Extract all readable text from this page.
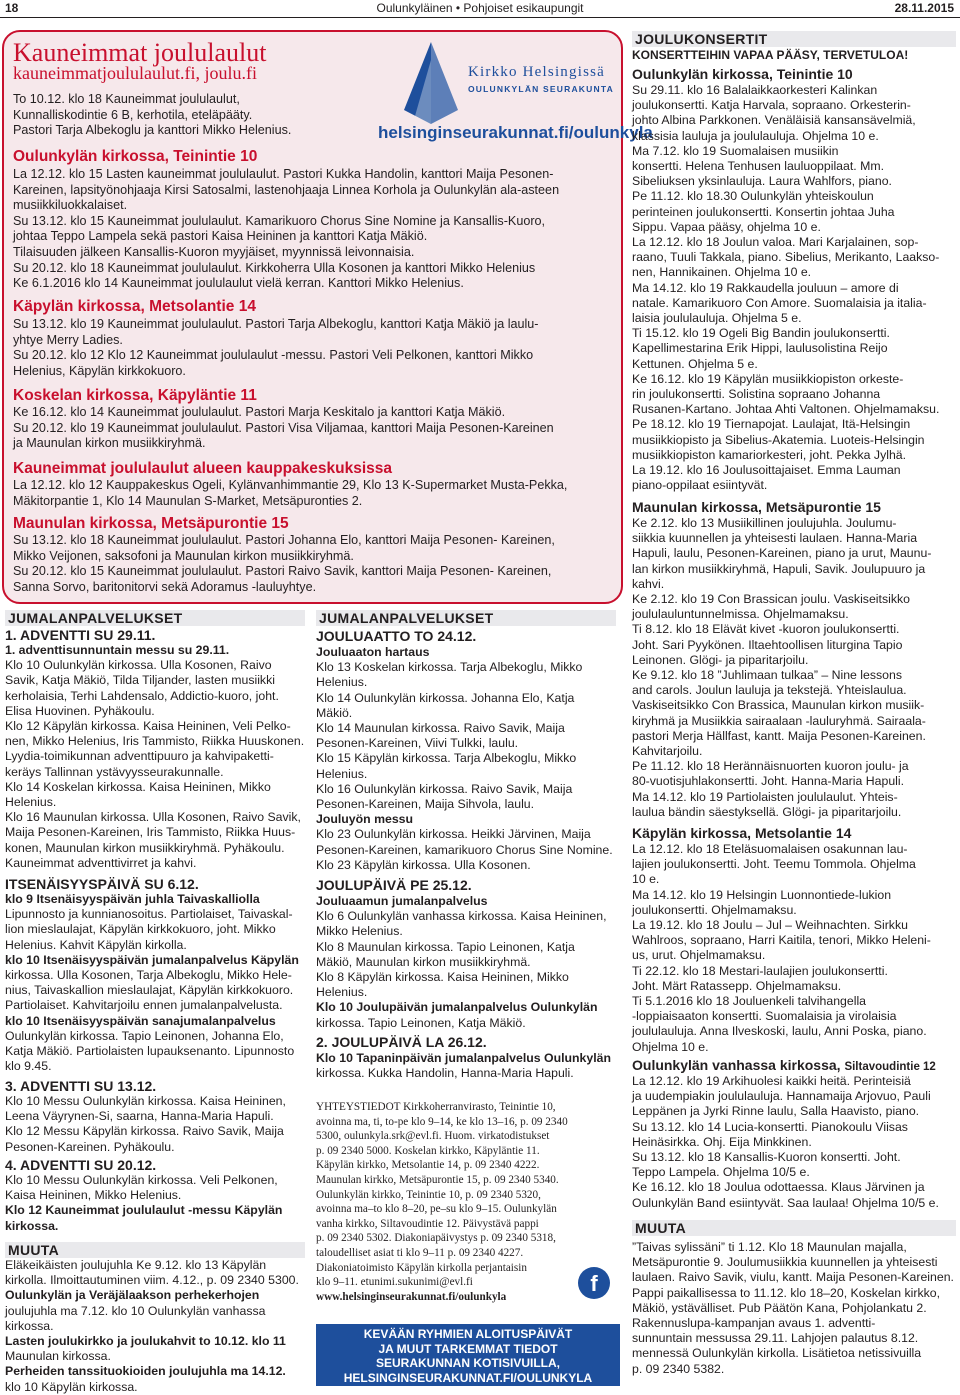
18	Oulunkyläinen • Pohjoiset esikaupungit	28.11.2015
Kauneimmat joululaulut
kauneimmatjoululaulut.fi, joulu.fi
To 10.12. klo 18 Kauneimmat joululaulut,
Kunnalliskodintie 6 B, kerhotila, eteläpääty.
Pastori Tarja Albekoglu ja kanttori Mikko Helenius.
Kirkko Helsingissä
OULUNKYLÄN SEURAKUNTA
helsinginseurakunnat.fi/oulunkyla
Oulunkylän kirkossa, Teinintie 10
La 12.12. klo 15 Lasten kauneimmat joululaulut. Pastori Kukka Handolin, kanttori Maija Pesonen-
Kareinen, lapsityönohjaaja Kirsi Satosalmi, lastenohjaaja Linnea Korhola ja Oulunkylän ala-asteen
musiikkiluokkalaiset.
Su 13.12. klo 15 Kauneimmat joululaulut. Kamarikuoro Chorus Sine Nomine ja Kansallis-Kuoro,
johtaa Teppo Lampela sekä pastori Kaisa Heininen ja kanttori Katja Mäkiö.
Tilaisuuden jälkeen Kansallis-Kuoron myyjäiset, myynnissä leivonnaisia.
Su 20.12. klo 18 Kauneimmat joululaulut. Kirkkoherra Ulla Kosonen ja kanttori Mikko Helenius
Ke 6.1.2016 klo 14 Kauneimmat joululaulut vielä kerran. Kanttori Mikko Helenius.
Käpylän kirkossa, Metsolantie 14
Su 13.12. klo 19 Kauneimmat joululaulut. Pastori Tarja Albekoglu, kanttori Katja Mäkiö ja laulu-
yhtye Merry Ladies.
Su 20.12. klo 12 Klo 12 Kauneimmat joululaulut -messu. Pastori Veli Pelkonen, kanttori Mikko
Helenius, Käpylän kirkkokuoro.
Koskelan kirkossa, Käpyläntie 11
Ke 16.12. klo 14 Kauneimmat joululaulut. Pastori Marja Keskitalo ja kanttori Katja Mäkiö.
Su 20.12. klo 19 Kauneimmat joululaulut. Pastori Visa Viljamaa, kanttori Maija Pesonen-Kareinen
ja Maunulan kirkon musiikkiryhmä.
Kauneimmat joululaulut alueen kauppakeskuksissa
La 12.12. klo 12 Kauppakeskus Ogeli, Kylänvanhimmantie 29, Klo 13 K-Supermarket Musta-Pekka,
Mäkitorpantie 1, Klo 14 Maunulan S-Market, Metsäpuronties 2.
Maunulan kirkossa, Metsäpurontie 15
Su 13.12. klo 18 Kauneimmat joululaulut. Pastori Johanna Elo, kanttori Maija Pesonen- Kareinen,
Mikko Veijonen, saksofoni ja Maunulan kirkon musiikkiryhmä.
Su 20.12. klo 15 Kauneimmat joululaulut. Pastori Raivo Savik, kanttori Maija Pesonen- Kareinen,
Sanna Sorvo, baritonitorvi sekä Adoramus -lauluyhtye.
JUMALANPALVELUKSET
1. ADVENTTI SU 29.11.
1. adventtisunnuntain messu su 29.11.
Klo 10 Oulunkylän kirkossa. Ulla Kosonen, Raivo
Savik, Katja Mäkiö, Tilda Tiljander, lasten musiikki
kerholaisia, Terhi Lahdensalo, Addictio-kuoro, joht.
Elisa Huovinen. Pyhäkoulu.
Klo 12 Käpylän kirkossa. Kaisa Heininen, Veli Pelko-
nen, Mikko Helenius, Iris Tammisto, Riikka Huuskonen.
Lyydia-toimikunnan adventtipuuro ja kahvipaketti-
keräys Tallinnan ystävyysseurakunnalle.
Klo 14 Koskelan kirkossa. Kaisa Heininen, Mikko
Helenius.
Klo 16 Maunulan kirkossa. Ulla Kosonen, Raivo Savik,
Maija Pesonen-Kareinen, Iris Tammisto, Riikka Huus-
konen, Maunulan kirkon musiikkiryhmä. Pyhäkoulu.
Kauneimmat adventtivirret ja kahvi.
ITSENÄISYYSPÄIVÄ SU 6.12.
klo 9 Itsenäisyyspäivän juhla Taivaskalliolla
Lipunnosto ja kunnianosoitus. Partiolaiset, Taivaskal-
lion mieslaulajat, Käpylän kirkkokuoro, joht. Mikko
Helenius. Kahvit Käpylän kirkolla.
klo 10 Itsenäisyyspäivän jumalanpalvelus Käpylän
kirkossa. Ulla Kosonen, Tarja Albekoglu, Mikko Hele-
nius, Taivaskallion mieslaulajat, Käpylän kirkkokuoro.
Partiolaiset. Kahvitarjoilu ennen jumalanpalvelusta.
klo 10 Itsenäisyyspäivän sanajumalanpalvelus
Oulunkylän kirkossa. Tapio Leinonen, Johanna Elo,
Katja Mäkiö. Partiolaisten lupauksenanto. Lipunnosto
klo 9.45.
3. ADVENTTI SU 13.12.
Klo 10 Messu Oulunkylän kirkossa. Kaisa Heininen,
Leena Väyrynen-Si, saarna, Hanna-Maria Hapuli.
Klo 12 Messu Käpylän kirkossa. Raivo Savik, Maija
Pesonen-Kareinen. Pyhäkoulu.
4. ADVENTTI SU 20.12.
Klo 10 Messu Oulunkylän kirkossa. Veli Pelkonen,
Kaisa Heininen, Mikko Helenius.
Klo 12 Kauneimmat joululaulut -messu Käpylän
kirkossa.
MUUTA
Eläkeikäisten joulujuhla Ke 9.12. klo 13 Käpylän
kirkolla. Ilmoittautuminen viim. 4.12., p. 09 2340 5300.
Oulunkylän ja Veräjälaakson perhekerhojen
joulujuhla ma 7.12. klo 10 Oulunkylän vanhassa
kirkossa.
Lasten joulukirkko ja joulukahvit to 10.12. klo 11
Maunulan kirkossa.
Perheiden tanssituokioiden joulujuhla ma 14.12.
klo 10 Käpylän kirkossa.
JUMALANPALVELUKSET
JOULUAATTO TO 24.12.
Jouluaaton hartaus
Klo 13 Koskelan kirkossa. Tarja Albekoglu, Mikko
Helenius.
Klo 14 Oulunkylän kirkossa. Johanna Elo, Katja
Mäkiö.
Klo 14 Maunulan kirkossa. Raivo Savik, Maija
Pesonen-Kareinen, Viivi Tulkki, laulu.
Klo 15 Käpylän kirkossa. Tarja Albekoglu, Mikko
Helenius.
Klo 16 Oulunkylän kirkossa. Raivo Savik, Maija
Pesonen-Kareinen, Maija Sihvola, laulu.
Jouluyön messu
Klo 23 Oulunkylän kirkossa. Heikki Järvinen, Maija
Pesonen-Kareinen, kamarikuoro Chorus Sine Nomine.
Klo 23 Käpylän kirkossa. Ulla Kosonen.
JOULUPÄIVÄ PE 25.12.
Jouluaamun jumalanpalvelus
Klo 6 Oulunkylän vanhassa kirkossa. Kaisa Heininen,
Mikko Helenius.
Klo 8 Maunulan kirkossa. Tapio Leinonen, Katja
Mäkiö, Maunulan kirkon musiikkiryhmä.
Klo 8 Käpylän kirkossa. Kaisa Heininen, Mikko
Helenius.
Klo 10 Joulupäivän jumalanpalvelus Oulunkylän
kirkossa. Tapio Leinonen, Katja Mäkiö.
2. JOULUPÄIVÄ LA 26.12.
Klo 10 Tapaninpäivän jumalanpalvelus Oulunkylän
kirkossa. Kukka Handolin, Hanna-Maria Hapuli.
YHTEYSTIEDOT Kirkkoherranvirasto, Teinintie 10,
avoinna ma, ti, to-pe klo 9–14, ke klo 13–16, p. 09 2340
5300, oulunkyla.srk@evl.fi. Huom. virkatodistukset
p. 09 2340 5000. Koskelan kirkko, Käpyläntie 11.
Käpylän kirkko, Metsolantie 14, p. 09 2340 4222.
Maunulan kirkko, Metsäpurontie 15, p. 09 2340 5340.
Oulunkylän kirkko, Teinintie 10, p. 09 2340 5320,
avoinna ma–to klo 8–20, pe–su klo 9–15. Oulunkylän
vanha kirkko, Siltavoudintie 12. Päivystävä pappi
p. 09 2340 5302. Diakoniapäivystys p. 09 2340 5318,
taloudelliset asiat ti klo 9–11 p. 09 2340 4227.
Diakoniatoimisto Käpylän kirkolla perjantaisin
klo 9–11. etunimi.sukunimi@evl.fi
www.helsinginseurakunnat.fi/oulunkyla
f
KEVÄÄN RYHMIEN ALOITUSPÄIVÄT
JA MUUT TARKEMMAT TIEDOT
SEURAKUNNAN KOTISIVUILLA,
HELSINGINSEURAKUNNAT.FI/OULUNKYLA
JOULUKONSERTIT
KONSERTTEIHIN VAPAA PÄÄSY, TERVETULOA!
Oulunkylän kirkossa, Teinintie 10
Su 29.11. klo 16 Balalaikkaorkesteri Kalinkan
joulukonsertti. Katja Harvala, sopraano. Orkesterin-
johto Albina Parkkonen. Venäläisiä kansansävelmiä,
klassisia lauluja ja joululauluja. Ohjelma 10 e.
Ma 7.12. klo 19 Suomalaisen musiikin
konsertti. Helena Tenhusen lauluoppilaat. Mm.
Sibeliuksen yksinlauluja. Laura Wahlfors, piano.
Pe 11.12. klo 18.30 Oulunkylän yhteiskoulun
perinteinen joulukonsertti. Konsertin johtaa Juha
Sippu. Vapaa pääsy, ohjelma 10 e.
La 12.12. klo 18 Joulun valoa. Mari Karjalainen, sop-
raano, Tuuli Takkala, piano. Sibelius, Merikanto, Laakso-
nen, Hannikainen. Ohjelma 10 e.
Ma 14.12. klo 19 Rakkaudella jouluun – amore di
natale. Kamarikuoro Con Amore. Suomalaisia ja italia-
laisia joululauluja. Ohjelma 5 e.
Ti 15.12. klo 19 Ogeli Big Bandin joulukonsertti.
Kapellimestarina Erik Hippi, laulusolistina Reijo
Kettunen. Ohjelma 5 e.
Ke 16.12. klo 19 Käpylän musiikkiopiston orkeste-
rin joulukonsertti. Solistina sopraano Johanna
Rusanen-Kartano. Johtaa Ahti Valtonen. Ohjelmamaksu.
Pe 18.12. klo 19 Tiernapojat. Laulajat, Itä-Helsingin
musiikkiopisto ja Sibelius-Akatemia. Luoteis-Helsingin
musiikkiopiston kamariorkesteri, joht. Pekka Jylhä.
La 19.12. klo 16 Joulusoittajaiset. Emma Lauman
piano-oppilaat esiintyvät.
Maunulan kirkossa, Metsäpurontie 15
Ke 2.12. klo 13 Musiikillinen joulujuhla. Joulumu-
siikkia kuunnellen ja yhteisesti laulaen. Hanna-Maria
Hapuli, laulu, Pesonen-Kareinen, piano ja urut, Maunu-
lan kirkon musiikkiryhmä, Hapuli, Savik. Joulupuuro ja
kahvi.
Ke 2.12. klo 19 Con Brassican joulu. Vaskiseitsikko
joululauluntunnelmissa. Ohjelmamaksu.
Ti 8.12. klo 18 Elävät kivet -kuoron joulukonsertti.
Joht. Sari Pyykönen. Iltaehtoollisen liturgina Tapio
Leinonen. Glögi- ja piparitarjoilu.
Ke 9.12. klo 18 ”Juhlimaan tulkaa” – Nine lessons
and carols. Joulun lauluja ja tekstejä. Yhteislaulua.
Vaskiseitsikko Con Brassica, Maunulan kirkon musiik-
kiryhmä ja Musiikkia sairaalaan -lauluryhmä. Sairaala-
pastori Merja Hällfast, kantt. Maija Pesonen-Kareinen.
Kahvitarjoilu.
Pe 11.12. klo 18 Herännäisnuorten kuoron joulu- ja
80-vuotisjuhlakonsertti. Joht. Hanna-Maria Hapuli.
Ma 14.12. klo 19 Partiolaisten joululaulut. Yhteis-
laulua bändin säestyksellä. Glögi- ja piparitarjoilu.
Käpylän kirkossa, Metsolantie 14
La 12.12. klo 18 Eteläsuomalaisen osakunnan lau-
lajien joulukonsertti. Joht. Teemu Tommola. Ohjelma
10 e.
Ma 14.12. klo 19 Helsingin Luonnontiede-lukion
joulukonsertti. Ohjelmamaksu.
La 19.12. klo 18 Joulu – Jul – Weihnachten. Sirkku
Wahlroos, sopraano, Harri Kaitila, tenori, Mikko Heleni-
us, urut. Ohjelmamaksu.
Ti 22.12. klo 18 Mestari-laulajien joulukonsertti.
Joht. Märt Ratassepp. Ohjelmamaksu.
Ti 5.1.2016 klo 18 Jouluenkeli talvihangella
-loppiaisaaton konsertti. Suomalaisia ja virolaisia
joululauluja. Anna Ilveskoski, laulu, Anni Poska, piano.
Ohjelma 10 e.
Oulunkylän vanhassa kirkossa, Siltavoudintie 12
La 12.12. klo 19 Arkihuolesi kaikki heitä. Perinteisiä
ja uudempiakin joululauluja. Hannamaija Arjovuo, Pauli
Leppänen ja Jyrki Rinne laulu, Salla Haavisto, piano.
Su 13.12. klo 14 Lucia-konsertti. Pianokoulu Viisas
Heinäsirkka. Ohj. Eija Minkkinen.
Su 13.12. klo 18 Kansallis-Kuoron konsertti. Joht.
Teppo Lampela. Ohjelma 10/5 e.
Ke 16.12. klo 18 Joulua odottaessa. Klaus Järvinen ja
Oulunkylän Band esiintyvät. Saa laulaa! Ohjelma 10/5 e.
MUUTA
”Taivas sylissäni” ti 1.12. Klo 18 Maunulan majalla,
Metsäpurontie 9. Joulumusiikkia kuunnellen ja yhteisesti
laulaen. Raivo Savik, viulu, kantt. Maija Pesonen-Kareinen.
Pappi paikallisessa to 11.12. klo 18–20, Koskelan kirkko,
Mäkiö, ystävälliset. Pub Päätön Kana, Pohjolankatu 2.
Rakennuslupa-kampanjan avaus 1. adventti-
sunnuntain messussa 29.11. Lahjojen palautus 8.12.
mennessä Oulunkylän kirkolla. Lisätietoa netissivuilla
p. 09 2340 5382.
